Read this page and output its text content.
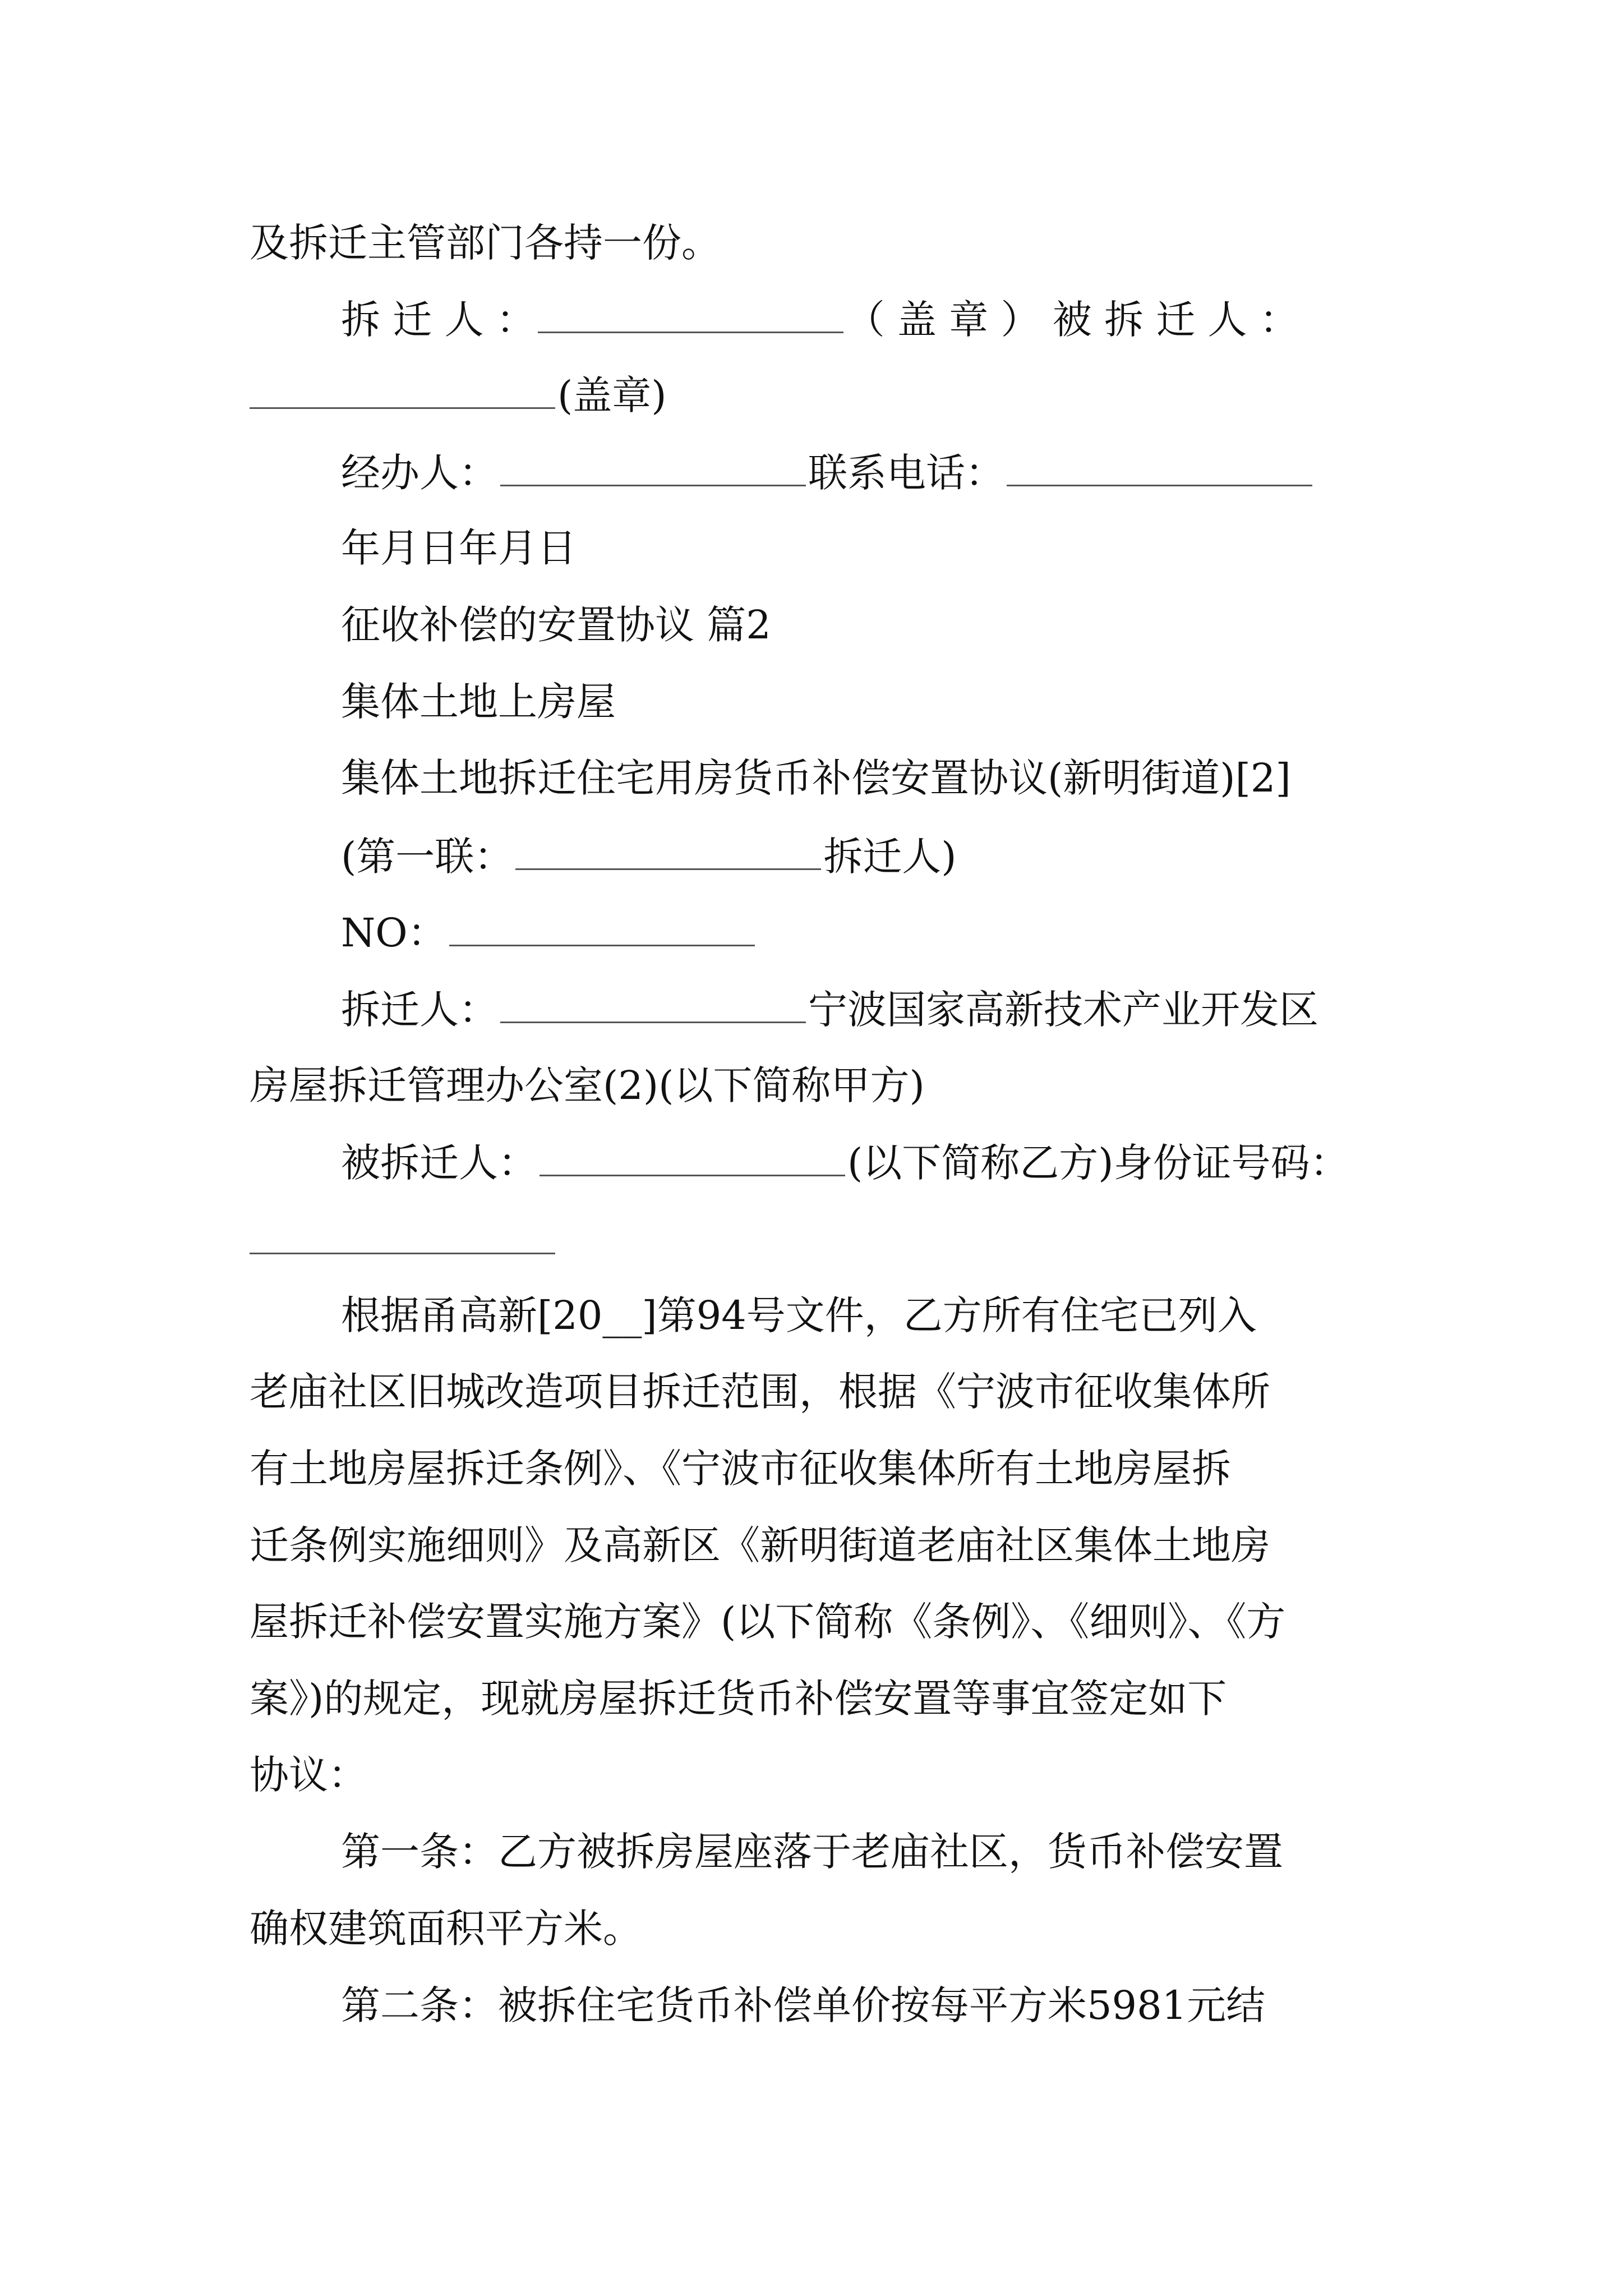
及拆迁主管部门各持一份。
拆 迁 人 ：	（ 盖 章 ） 被 拆 迁 人 ：
(盖章)
经办人：	联系电话：
年月日年月日
征收补偿的安置协议 篇2
集体土地上房屋
集体土地拆迁住宅用房货币补偿安置协议(新明街道)[2]
(第一联：	拆迁人)
NO：
拆迁人：	宁波国家高新技术产业开发区
房屋拆迁管理办公室(2)(以下简称甲方)
被拆迁人：	(以下简称乙方)身份证号码：
根据甬高新[20__]第94号文件，乙方所有住宅已列入
老庙社区旧城改造项目拆迁范围，根据《宁波市征收集体所
有土地房屋拆迁条例》、《宁波市征收集体所有土地房屋拆
迁条例实施细则》及高新区《新明街道老庙社区集体土地房
屋拆迁补偿安置实施方案》(以下简称《条例》、《细则》、《方
案》)的规定，现就房屋拆迁货币补偿安置等事宜签定如下
协议：
第一条：乙方被拆房屋座落于老庙社区，货币补偿安置
确权建筑面积平方米。
第二条：被拆住宅货币补偿单价按每平方米5981元结
